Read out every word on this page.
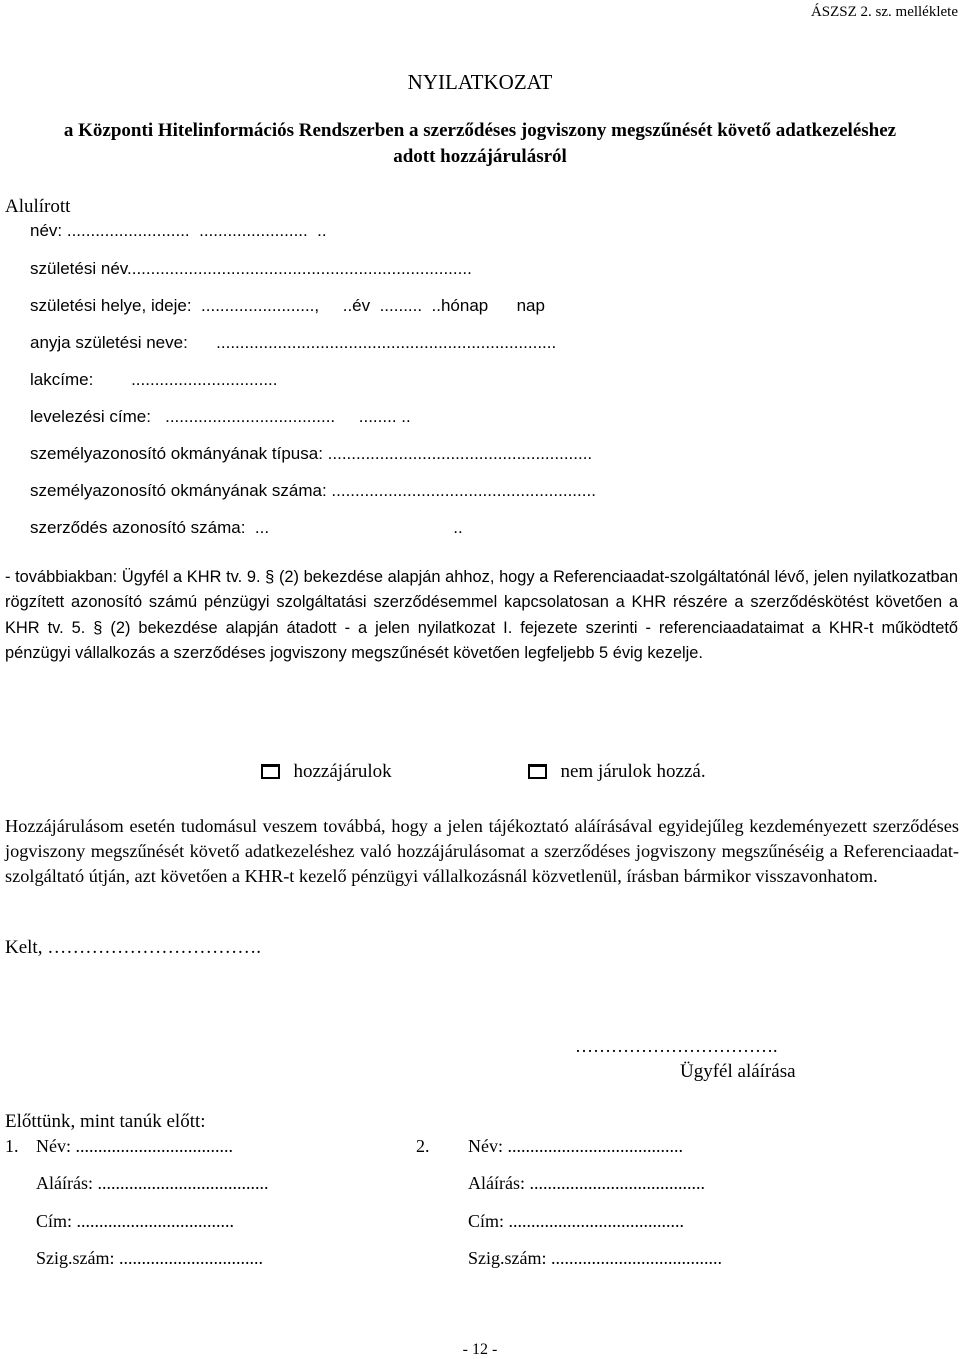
ÁSZSZ 2. sz. melléklete
NYILATKOZAT
a Központi Hitelinformációs Rendszerben a szerződéses jogviszony megszűnését követő adatkezeléshez
adott hozzájárulásról
Alulírott
név: ..........................  .......................  ..
születési név.........................................................................
születési helye, ideje:  ........................,     ..év  .........  ..hónap      nap
anyja születési neve:      ........................................................................
lakcíme:        ...............................
levelezési címe:   ....................................     ........ ..
személyazonosító okmányának típusa: ........................................................
személyazonosító okmányának száma: ........................................................
szerződés azonosító száma:  ...                                       ..
- továbbiakban: Ügyfél a KHR tv. 9. § (2) bekezdése alapján ahhoz, hogy a Referenciaadat-szolgáltatónál lévő, jelen nyilatkozatban rögzített azonosító számú pénzügyi szolgáltatási szerződésemmel kapcsolatosan a KHR részére a szerződéskötést követően a KHR tv. 5. § (2) bekezdése alapján átadott - a jelen nyilatkozat I. fejezete szerinti - referenciaadataimat a KHR-t működtető pénzügyi vállalkozás a szerződéses jogviszony megszűnését követően legfeljebb 5 évig kezelje.

hozzájárulok	nem járulok hozzá.

Hozzájárulásom esetén tudomásul veszem továbbá, hogy a jelen tájékoztató aláírásával egyidejűleg kezdeményezett szerződéses jogviszony megszűnését követő adatkezeléshez való hozzájárulásomat a szerződéses jogviszony megszűnéséig a Referenciaadat-szolgáltató útján, azt követően a KHR-t kezelő pénzügyi vállalkozásnál közvetlenül, írásban bármikor visszavonhatom.
Kelt, …………………………….
…………………………….
Ügyfél aláírása
Előttünk, mint tanúk előtt:
1. Név: ...................................
Aláírás: ......................................
Cím: ...................................
Szig.szám: ................................
2. Név: .......................................
Aláírás: .......................................
Cím: .......................................
Szig.szám: ......................................
- 12 -
